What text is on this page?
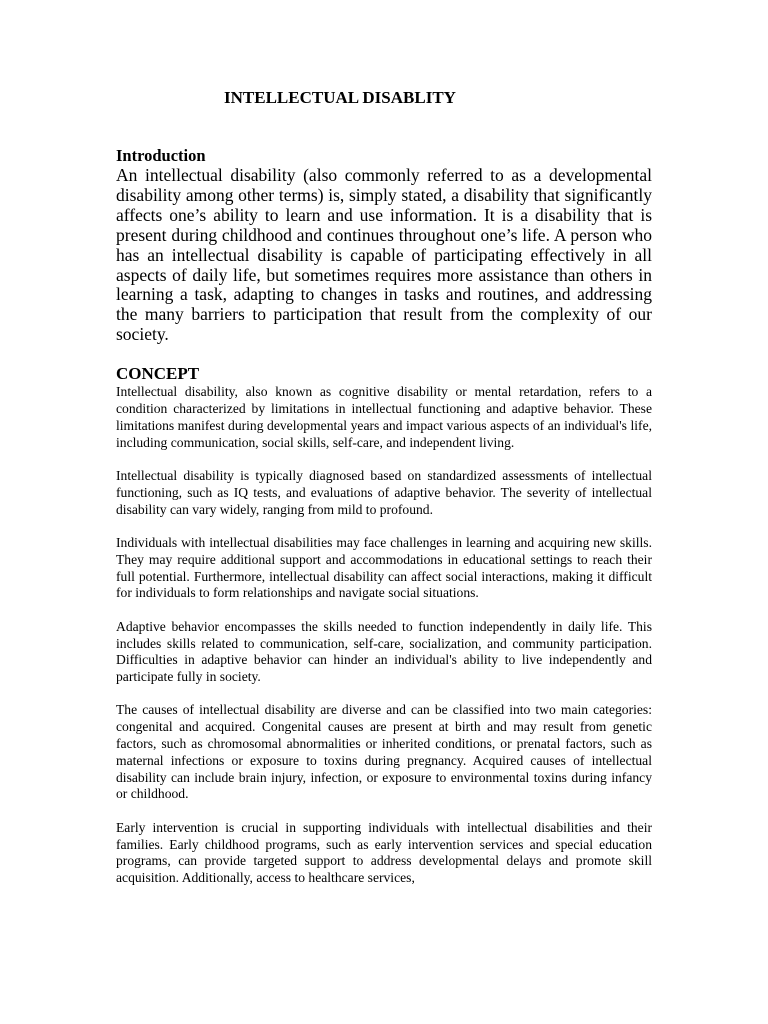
INTELLECTUAL DISABLITY
Introduction

An intellectual disability (also commonly referred to as a developmental disability among other terms) is, simply stated, a disability that significantly affects one’s ability to learn and use information. It is a disability that is present during childhood and continues throughout one’s life. A person who has an intellectual disability is capable of participating effectively in all aspects of daily life, but sometimes requires more assistance than others in learning a task, adapting to changes in tasks and routines, and addressing the many barriers to participation that result from the complexity of our society.

CONCEPT

Intellectual disability, also known as cognitive disability or mental retardation, refers to a condition characterized by limitations in intellectual functioning and adaptive behavior. These limitations manifest during developmental years and impact various aspects of an individual's life, including communication, social skills, self-care, and independent living.

Intellectual disability is typically diagnosed based on standardized assessments of intellectual functioning, such as IQ tests, and evaluations of adaptive behavior. The severity of intellectual disability can vary widely, ranging from mild to profound.

Individuals with intellectual disabilities may face challenges in learning and acquiring new skills. They may require additional support and accommodations in educational settings to reach their full potential. Furthermore, intellectual disability can affect social interactions, making it difficult for individuals to form relationships and navigate social situations.

Adaptive behavior encompasses the skills needed to function independently in daily life. This includes skills related to communication, self-care, socialization, and community participation. Difficulties in adaptive behavior can hinder an individual's ability to live independently and participate fully in society.

The causes of intellectual disability are diverse and can be classified into two main categories: congenital and acquired. Congenital causes are present at birth and may result from genetic factors, such as chromosomal abnormalities or inherited conditions, or prenatal factors, such as maternal infections or exposure to toxins during pregnancy. Acquired causes of intellectual disability can include brain injury, infection, or exposure to environmental toxins during infancy or childhood.

Early intervention is crucial in supporting individuals with intellectual disabilities and their families. Early childhood programs, such as early intervention services and special education programs, can provide targeted support to address developmental delays and promote skill acquisition. Additionally, access to healthcare services,
